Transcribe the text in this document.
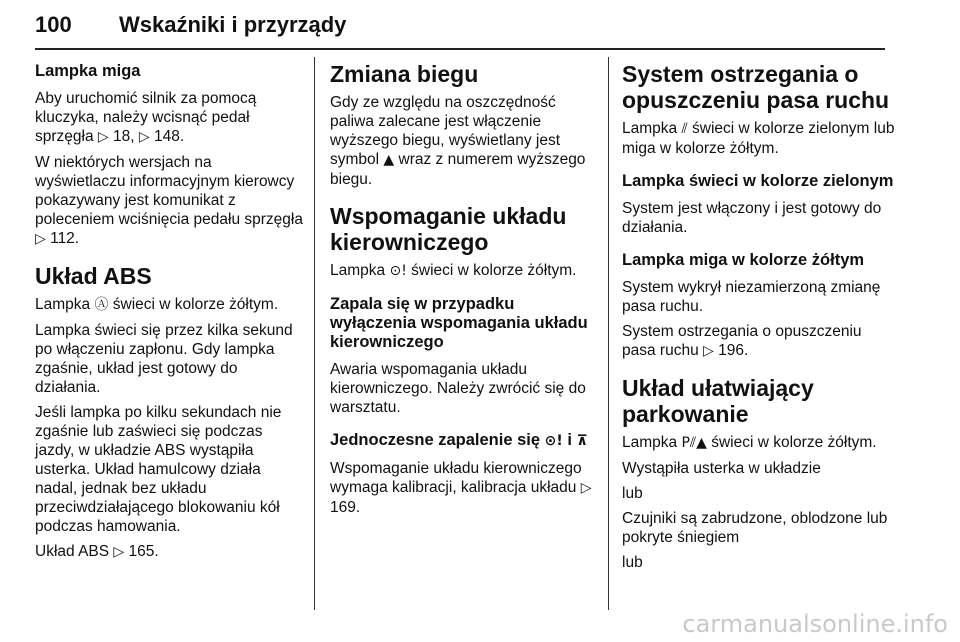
100 Wskaźniki i przyrządy
Lampka miga
Aby uruchomić silnik za pomocą kluczyka, należy wcisnąć pedał sprzęgła ▷ 18, ▷ 148.
W niektórych wersjach na wyświetlaczu informacyjnym kierowcy pokazywany jest komunikat z poleceniem wciśnięcia pedału sprzęgła ▷ 112.
Układ ABS
Lampka Ⓐ świeci w kolorze żółtym.
Lampka świeci się przez kilka sekund po włączeniu zapłonu. Gdy lampka zgaśnie, układ jest gotowy do działania.
Jeśli lampka po kilku sekundach nie zgaśnie lub zaświeci się podczas jazdy, w układzie ABS wystąpiła usterka. Układ hamulcowy działa nadal, jednak bez układu przeciwdziałającego blokowaniu kół podczas hamowania.
Układ ABS ▷ 165.
Zmiana biegu
Gdy ze względu na oszczędność paliwa zalecane jest włączenie wyższego biegu, wyświetlany jest symbol ▲ wraz z numerem wyższego biegu.
Wspomaganie układu kierowniczego
Lampka ⊙! świeci w kolorze żółtym.
Zapala się w przypadku wyłączenia wspomagania układu kierowniczego
Awaria wspomagania układu kierowniczego. Należy zwrócić się do warsztatu.
Jednoczesne zapalenie się ⊙! i ⊼
Wspomaganie układu kierowniczego wymaga kalibracji, kalibracja układu ▷ 169.
System ostrzegania o opuszczeniu pasa ruchu
Lampka ⫽ świeci w kolorze zielonym lub miga w kolorze żółtym.
Lampka świeci w kolorze zielonym
System jest włączony i jest gotowy do działania.
Lampka miga w kolorze żółtym
System wykrył niezamierzoną zmianę pasa ruchu.
System ostrzegania o opuszczeniu pasa ruchu ▷ 196.
Układ ułatwiający parkowanie
Lampka P⫽▲ świeci w kolorze żółtym.
Wystąpiła usterka w układzie
lub
Czujniki są zabrudzone, oblodzone lub pokryte śniegiem
lub
carmanualsonline.info
